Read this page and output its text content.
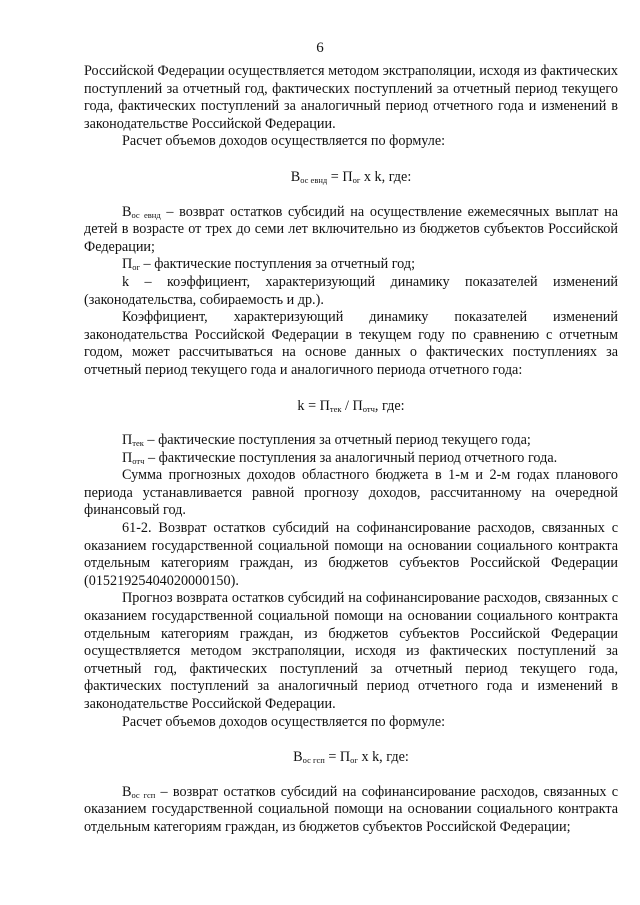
6

Российской Федерации осуществляется методом экстраполяции, исходя из фактических поступлений за отчетный год, фактических поступлений за отчетный период текущего года, фактических поступлений за аналогичный период отчетного года и изменений в законодательстве Российской Федерации.

Расчет объемов доходов осуществляется по формуле:

$В_{ос евнд} = П_{ог}$ x k, где:

$В_{ос евнд}$ – возврат остатков субсидий на осуществление ежемесячных выплат на детей в возрасте от трех до семи лет включительно из бюджетов субъектов Российской Федерации;

$П_{ог}$ – фактические поступления за отчетный год;

k – коэффициент, характеризующий динамику показателей изменений (законодательства, собираемость и др.).

Коэффициент, характеризующий динамику показателей изменений законодательства Российской Федерации в текущем году по сравнению с отчетным годом, может рассчитываться на основе данных о фактических поступлениях за отчетный период текущего года и аналогичного периода отчетного года:

$k = П_{тек} / П_{отч}$, где:

$П_{тек}$ – фактические поступления за отчетный период текущего года;

$П_{отч}$ – фактические поступления за аналогичный период отчетного года.

Сумма прогнозных доходов областного бюджета в 1-м и 2-м годах планового периода устанавливается равной прогнозу доходов, рассчитанному на очередной финансовый год.

61-2. Возврат остатков субсидий на софинансирование расходов, связанных с оказанием государственной социальной помощи на основании социального контракта отдельным категориям граждан, из бюджетов субъектов Российской Федерации (01521925404020000150).

Прогноз возврата остатков субсидий на софинансирование расходов, связанных с оказанием государственной социальной помощи на основании социального контракта отдельным категориям граждан, из бюджетов субъектов Российской Федерации осуществляется методом экстраполяции, исходя из фактических поступлений за отчетный год, фактических поступлений за отчетный период текущего года, фактических поступлений за аналогичный период отчетного года и изменений в законодательстве Российской Федерации.

Расчет объемов доходов осуществляется по формуле:

$В_{ос гсп} = П_{ог}$ x k, где:

$В_{ос гсп}$ – возврат остатков субсидий на софинансирование расходов, связанных с оказанием государственной социальной помощи на основании социального контракта отдельным категориям граждан, из бюджетов субъектов Российской Федерации;
